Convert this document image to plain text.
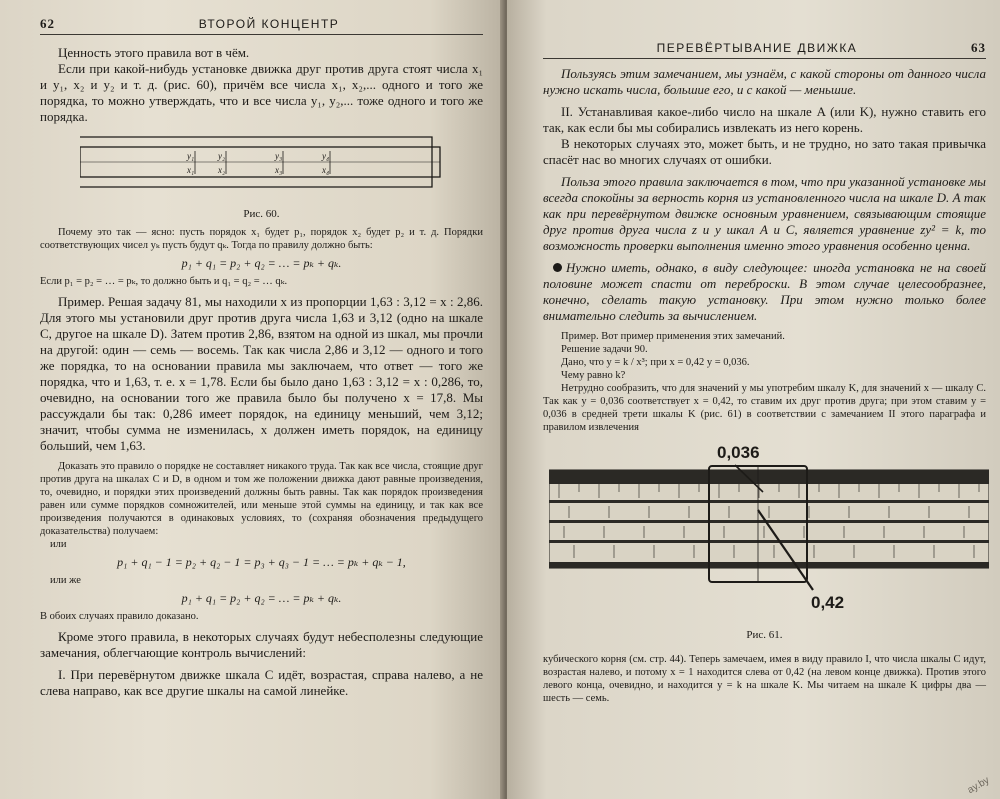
62	ВТОРОЙ КОНЦЕНТР

Ценность этого правила вот в чём.

Если при какой-нибудь установке движка друг против друга стоят числа x₁ и y₁, x₂ и y₂ и т. д. (рис. 60), причём все числа x₁, x₂,... одного и того же порядка, то можно утверждать, что и все числа y₁, y₂,... тоже одного и того же порядка.

y₁	y₂	y₃	y₄
x₁	x₂	x₃	x₄
Рис. 60.

Почему это так — ясно: пусть порядок x₁ будет p₁, порядок x₂ будет p₂ и т. д. Порядки соответствующих чисел yₖ пусть будут qₖ. Тогда по правилу должно быть:

p₁ + q₁ = p₂ + q₂ = … = pₖ + qₖ.

Если p₁ = p₂ = … = pₖ, то должно быть и q₁ = q₂ = … qₖ.

Пример. Решая задачу 81, мы находили x из пропорции 1,63 : 3,12 = x : 2,86. Для этого мы установили друг против друга числа 1,63 и 3,12 (одно на шкале C, другое на шкале D). Затем против 2,86, взятом на одной из шкал, мы прочли на другой: один — семь — восемь. Так как числа 2,86 и 3,12 — одного и того же порядка, то на основании правила мы заключаем, что ответ — того же порядка, что и 1,63, т. е. x = 1,78. Если бы было дано 1,63 : 3,12 = x : 0,286, то, очевидно, на основании того же правила было бы получено x = 17,8. Мы рассуждали бы так: 0,286 имеет порядок, на единицу меньший, чем 3,12; значит, чтобы сумма не изменилась, x должен иметь порядок, на единицу больший, чем 1,63.

Доказать это правило о порядке не составляет никакого труда. Так как все числа, стоящие друг против друга на шкалах C и D, в одном и том же положении движка дают равные произведения, то, очевидно, и порядки этих произведений должны быть равны. Так как порядок произведения равен или сумме порядков сомножителей, или меньше этой суммы на единицу, и так как все произведения получаются в одинаковых условиях, то (сохраняя обозначения предыдущего доказательства) получаем:

или
p₁ + q₁ − 1 = p₂ + q₂ − 1 = p₃ + q₃ − 1 = … = pₖ + qₖ − 1,
или же
p₁ + q₁ = p₂ + q₂ = … = pₖ + qₖ.

В обоих случаях правило доказано.

Кроме этого правила, в некоторых случаях будут небесполезны следующие замечания, облегчающие контроль вычислений:

I. При перевёрнутом движке шкала C идёт, возрастая, справа налево, а не слева направо, как все другие шкалы на самой линейке.

ПЕРЕВЁРТЫВАНИЕ ДВИЖКА	63

Пользуясь этим замечанием, мы узнаём, с какой стороны от данного числа нужно искать числа, большие его, и с какой — меньшие.

II. Устанавливая какое-либо число на шкале A (или K), нужно ставить его так, как если бы мы собирались извлекать из него корень.

В некоторых случаях это, может быть, и не трудно, но зато такая привычка спасёт нас во многих случаях от ошибки.

Польза этого правила заключается в том, что при указанной установке мы всегда спокойны за верность корня из установленного числа на шкале D. А так как при перевёрнутом движке основным уравнением, связывающим стоящие друг против друга числа z и y шкал A и C, является уравнение zy² = k, то возможность проверки выполнения именно этого уравнения особенно ценна.

Нужно иметь, однако, в виду следующее: иногда установка не на своей половине может спасти от переброски. В этом случае целесообразнее, конечно, сделать такую установку. При этом нужно только более внимательно следить за вычислением.

Пример. Вот пример применения этих замечаний.

Решение задачи 90.

Дано, что y = k / x³; при x = 0,42 y = 0,036.

Чему равно k?

Нетрудно сообразить, что для значений y мы употребим шкалу K, для значений x — шкалу C. Так как y = 0,036 соответствует x = 0,42, то ставим их друг против друга; при этом ставим y = 0,036 в средней трети шкалы K (рис. 61) в соответствии с замечанием II этого параграфа и правилом извлечения

0,036
0,42
Рис. 61.

кубического корня (см. стр. 44). Теперь замечаем, имея в виду правило I, что числа шкалы C идут, возрастая налево, и потому x = 1 находится слева от 0,42 (на левом конце движка). Против этого левого конца, очевидно, и находится y = k на шкале K. Мы читаем на шкале K цифры два — шесть — семь.

ay.by
